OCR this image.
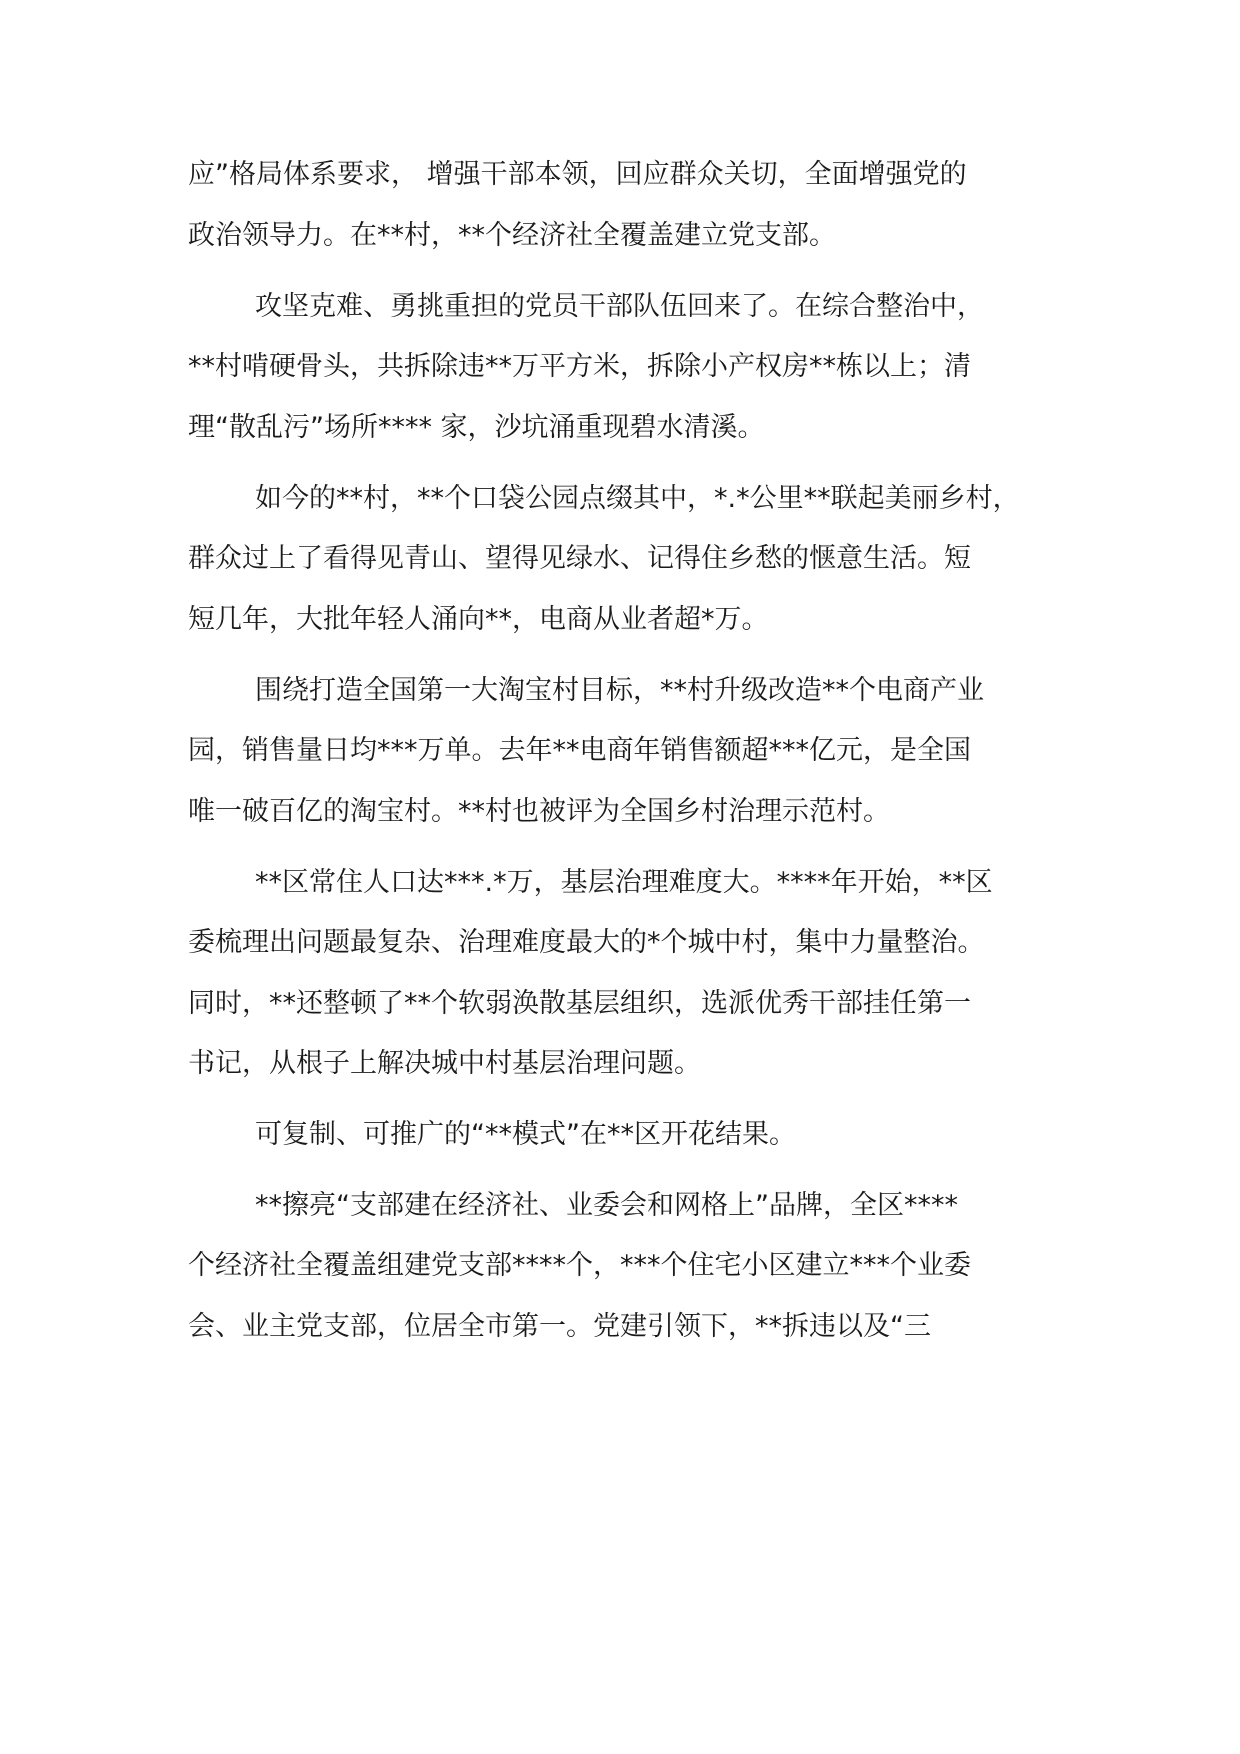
应”格局体系要求， 增强干部本领，回应群众关切，全面增强党的

政治领导力。在**村，**个经济社全覆盖建立党支部。

攻坚克难、勇挑重担的党员干部队伍回来了。在综合整治中，

**村啃硬骨头，共拆除违**万平方米，拆除小产权房**栋以上；清

理“散乱污”场所**** 家，沙坑涌重现碧水清溪。

如今的**村，**个口袋公园点缀其中，*.*公里**联起美丽乡村，

群众过上了看得见青山、望得见绿水、记得住乡愁的惬意生活。短

短几年，大批年轻人涌向**，电商从业者超*万。

围绕打造全国第一大淘宝村目标，**村升级改造**个电商产业

园，销售量日均***万单。去年**电商年销售额超***亿元，是全国

唯一破百亿的淘宝村。**村也被评为全国乡村治理示范村。

**区常住人口达***.*万，基层治理难度大。****年开始，**区

委梳理出问题最复杂、治理难度最大的*个城中村，集中力量整治。

同时，**还整顿了**个软弱涣散基层组织，选派优秀干部挂任第一

书记，从根子上解决城中村基层治理问题。

可复制、可推广的“**模式”在**区开花结果。

**擦亮“支部建在经济社、业委会和网格上”品牌，全区****

个经济社全覆盖组建党支部****个，***个住宅小区建立***个业委

会、业主党支部，位居全市第一。党建引领下，**拆违以及“三
